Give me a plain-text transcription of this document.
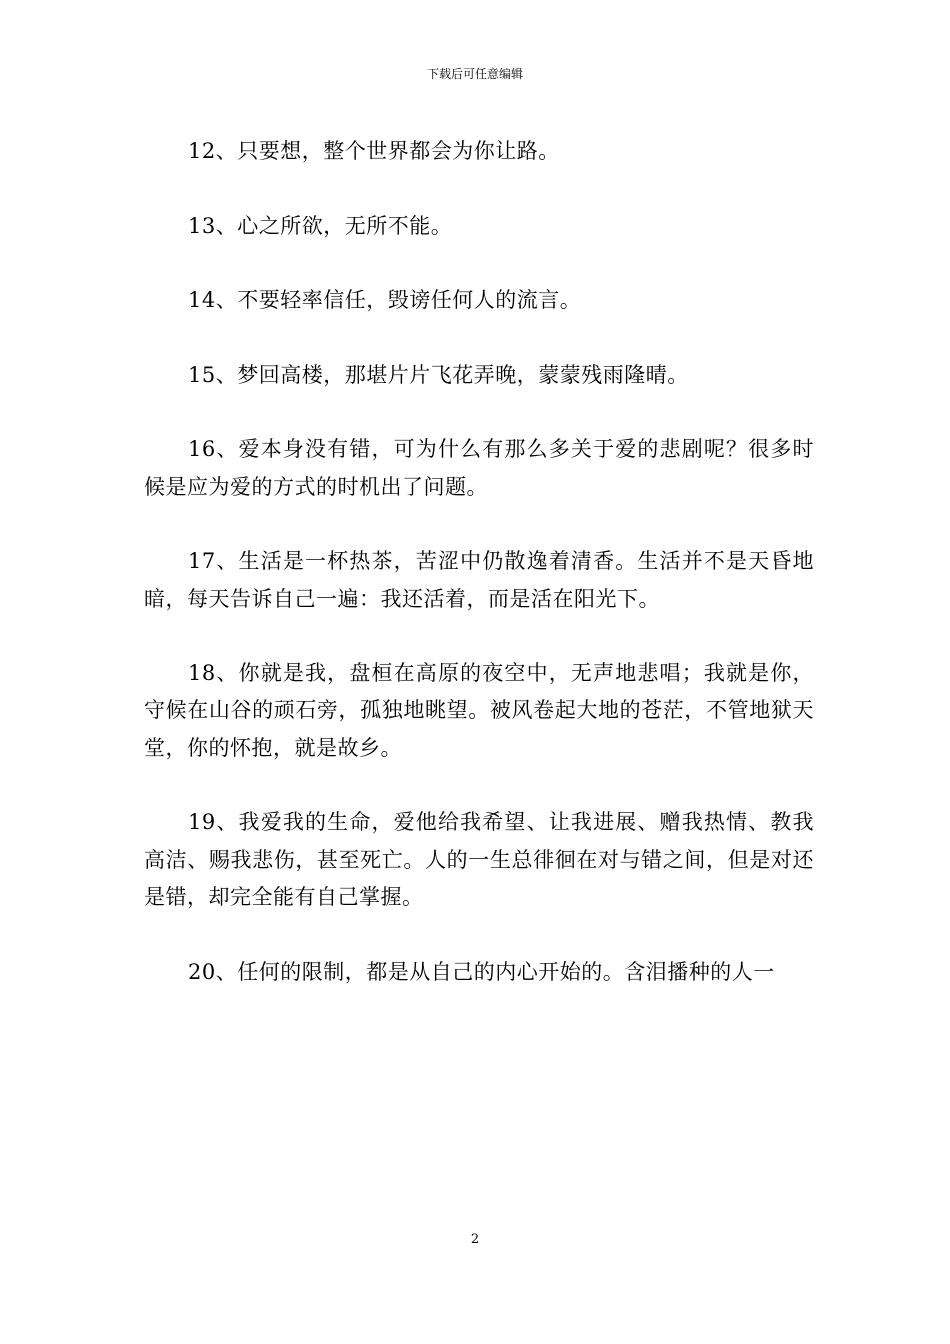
下载后可任意编辑

12、只要想，整个世界都会为你让路。

13、心之所欲，无所不能。

14、不要轻率信任，毁谤任何人的流言。

15、梦回高楼，那堪片片飞花弄晚，蒙蒙残雨隆晴。

16、爱本身没有错，可为什么有那么多关于爱的悲剧呢？很多时候是应为爱的方式的时机出了问题。

17、生活是一杯热茶，苦涩中仍散逸着清香。生活并不是天昏地暗，每天告诉自己一遍：我还活着，而是活在阳光下。

18、你就是我，盘桓在高原的夜空中，无声地悲唱；我就是你，守候在山谷的顽石旁，孤独地眺望。被风卷起大地的苍茫，不管地狱天堂，你的怀抱，就是故乡。

19、我爱我的生命，爱他给我希望、让我进展、赠我热情、教我高洁、赐我悲伤，甚至死亡。人的一生总徘徊在对与错之间，但是对还是错，却完全能有自己掌握。

20、任何的限制，都是从自己的内心开始的。含泪播种的人一

2
